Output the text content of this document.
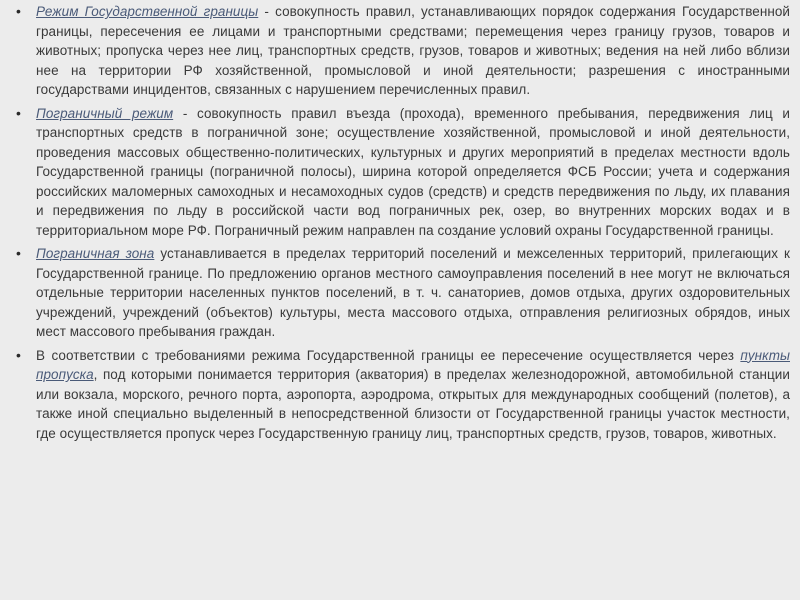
• Режим Государственной границы - совокупность правил, устанавливающих порядок содержания Государственной границы, пересечения ее лицами и транспортными средствами; перемещения через границу грузов, товаров и животных; пропуска через нее лиц, транспортных средств, грузов, товаров и животных; ведения на ней либо вблизи нее на территории РФ хозяйственной, промысловой и иной деятельности; разрешения с иностранными государствами инцидентов, связанных с нарушением перечисленных правил.
• Пограничный режим - совокупность правил въезда (прохода), временного пребывания, передвижения лиц и транспортных средств в пограничной зоне; осуществление хозяйственной, промысловой и иной деятельности, проведения массовых общественно-политических, культурных и других мероприятий в пределах местности вдоль Государственной границы (пограничной полосы), ширина которой определяется ФСБ России; учета и содержания российских маломерных самоходных и несамоходных судов (средств) и средств передвижения по льду, их плавания и передвижения по льду в российской части вод пограничных рек, озер, во внутренних морских водах и в территориальном море РФ. Пограничный режим направлен па создание условий охраны Государственной границы.
• Пограничная зона устанавливается в пределах территорий поселений и межселенных территорий, прилегающих к Государственной границе. По предложению органов местного самоуправления поселений в нее могут не включаться отдельные территории населенных пунктов поселений, в т. ч. санаториев, домов отдыха, других оздоровительных учреждений, учреждений (объектов) культуры, места массового отдыха, отправления религиозных обрядов, иных мест массового пребывания граждан.
• В соответствии с требованиями режима Государственной границы ее пересечение осуществляется через пункты пропуска, под которыми понимается территория (акватория) в пределах железнодорожной, автомобильной станции или вокзала, морского, речного порта, аэропорта, аэродрома, открытых для международных сообщений (полетов), а также иной специально выделенный в непосредственной близости от Государственной границы участок местности, где осуществляется пропуск через Государственную границу лиц, транспортных средств, грузов, товаров, животных.
